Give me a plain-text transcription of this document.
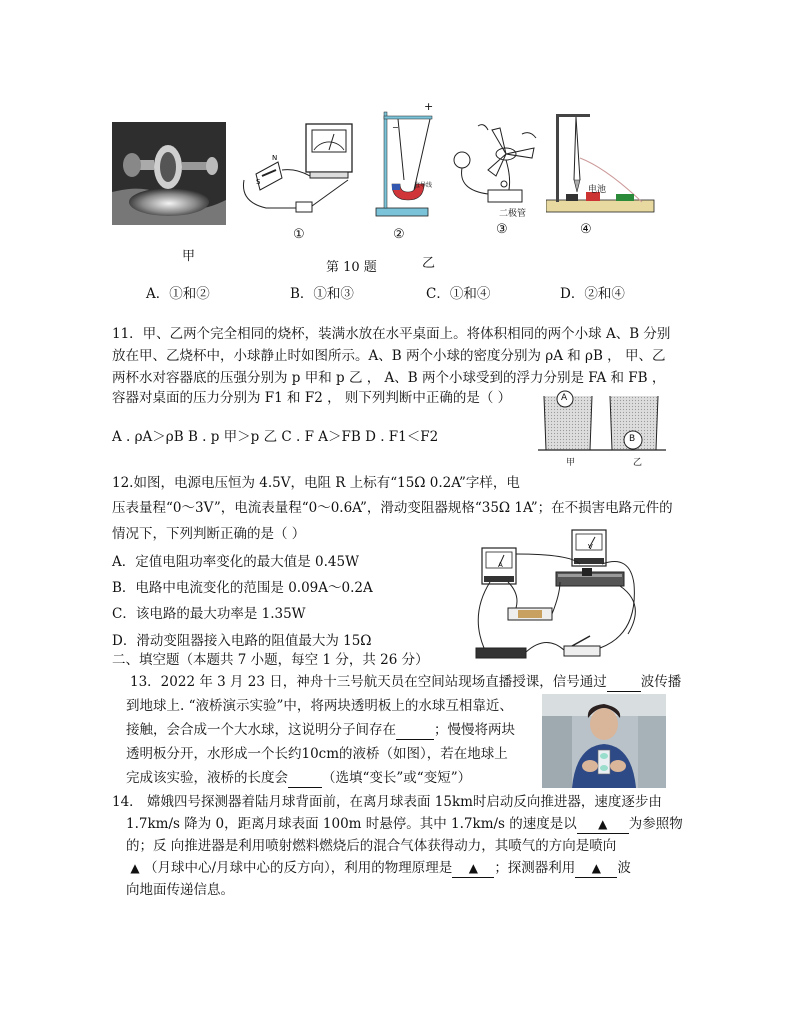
甲
N
S
①
−
+
直导线
②
二极管
③
电池
④
第 10 题	乙
A．①和②	B．①和③	C．①和④	D．②和④
11．甲、乙两个完全相同的烧杯，装满水放在水平桌面上。将体积相同的两个小球 A、B 分别
放在甲、乙烧杯中，小球静止时如图所示。A、B 两个小球的密度分别为 ρA 和 ρB ， 甲、乙
两杯水对容器底的压强分别为 p 甲和 p 乙 ， A、B 两个小球受到的浮力分别是 FA 和 FB ，
容器对桌面的压力分别为 F1 和 F2 ， 则下列判断中正确的是（ ）
A . ρA＞ρB B . p 甲＞p 乙 C . F A＞FB D . F1＜F2
A
B
甲	乙
12.如图，电源电压恒为 4.5V，电阻 R 上标有“15Ω 0.2A”字样，电
压表量程“0～3V”，电流表量程“0～0.6A”，滑动变阻器规格“35Ω 1A”；在不损害电路元件的
情况下，下列判断正确的是（ ）
A．定值电阻功率变化的最大值是 0.45W
B．电路中电流变化的范围是 0.09A～0.2A
C．该电路的最大功率是 1.35W
D．滑动变阻器接入电路的阻值最大为 15Ω
A
V
二、填空题（本题共 7 小题，每空 1 分，共 26 分）
13．2022 年 3 月 23 日，神舟十三号航天员在空间站现场直播授课，信号通过	波传播
到地球上. “液桥演示实验”中，将两块透明板上的水球互相靠近、
接触，会合成一个大水球，这说明分子间存在	；慢慢将两块
透明板分开，水形成一个长约10cm的液桥（如图），若在地球上
完成该实验，液桥的长度会	（选填“变长”或“变短”）
14． 嫦娥四号探测器着陆月球背面前，在离月球表面 15km时启动反向推进器，速度逐步由
1.7km/s 降为 0，距离月球表面 100m 时悬停。其中 1.7km/s 的速度是以 ▲ 为参照物
的；反 向推进器是利用喷射燃料燃烧后的混合气体获得动力，其喷气的方向是喷向
▲ （月球中心/月球中心的反方向），利用的物理原理是 ▲ ；探测器利用 ▲ 波
向地面传递信息。
